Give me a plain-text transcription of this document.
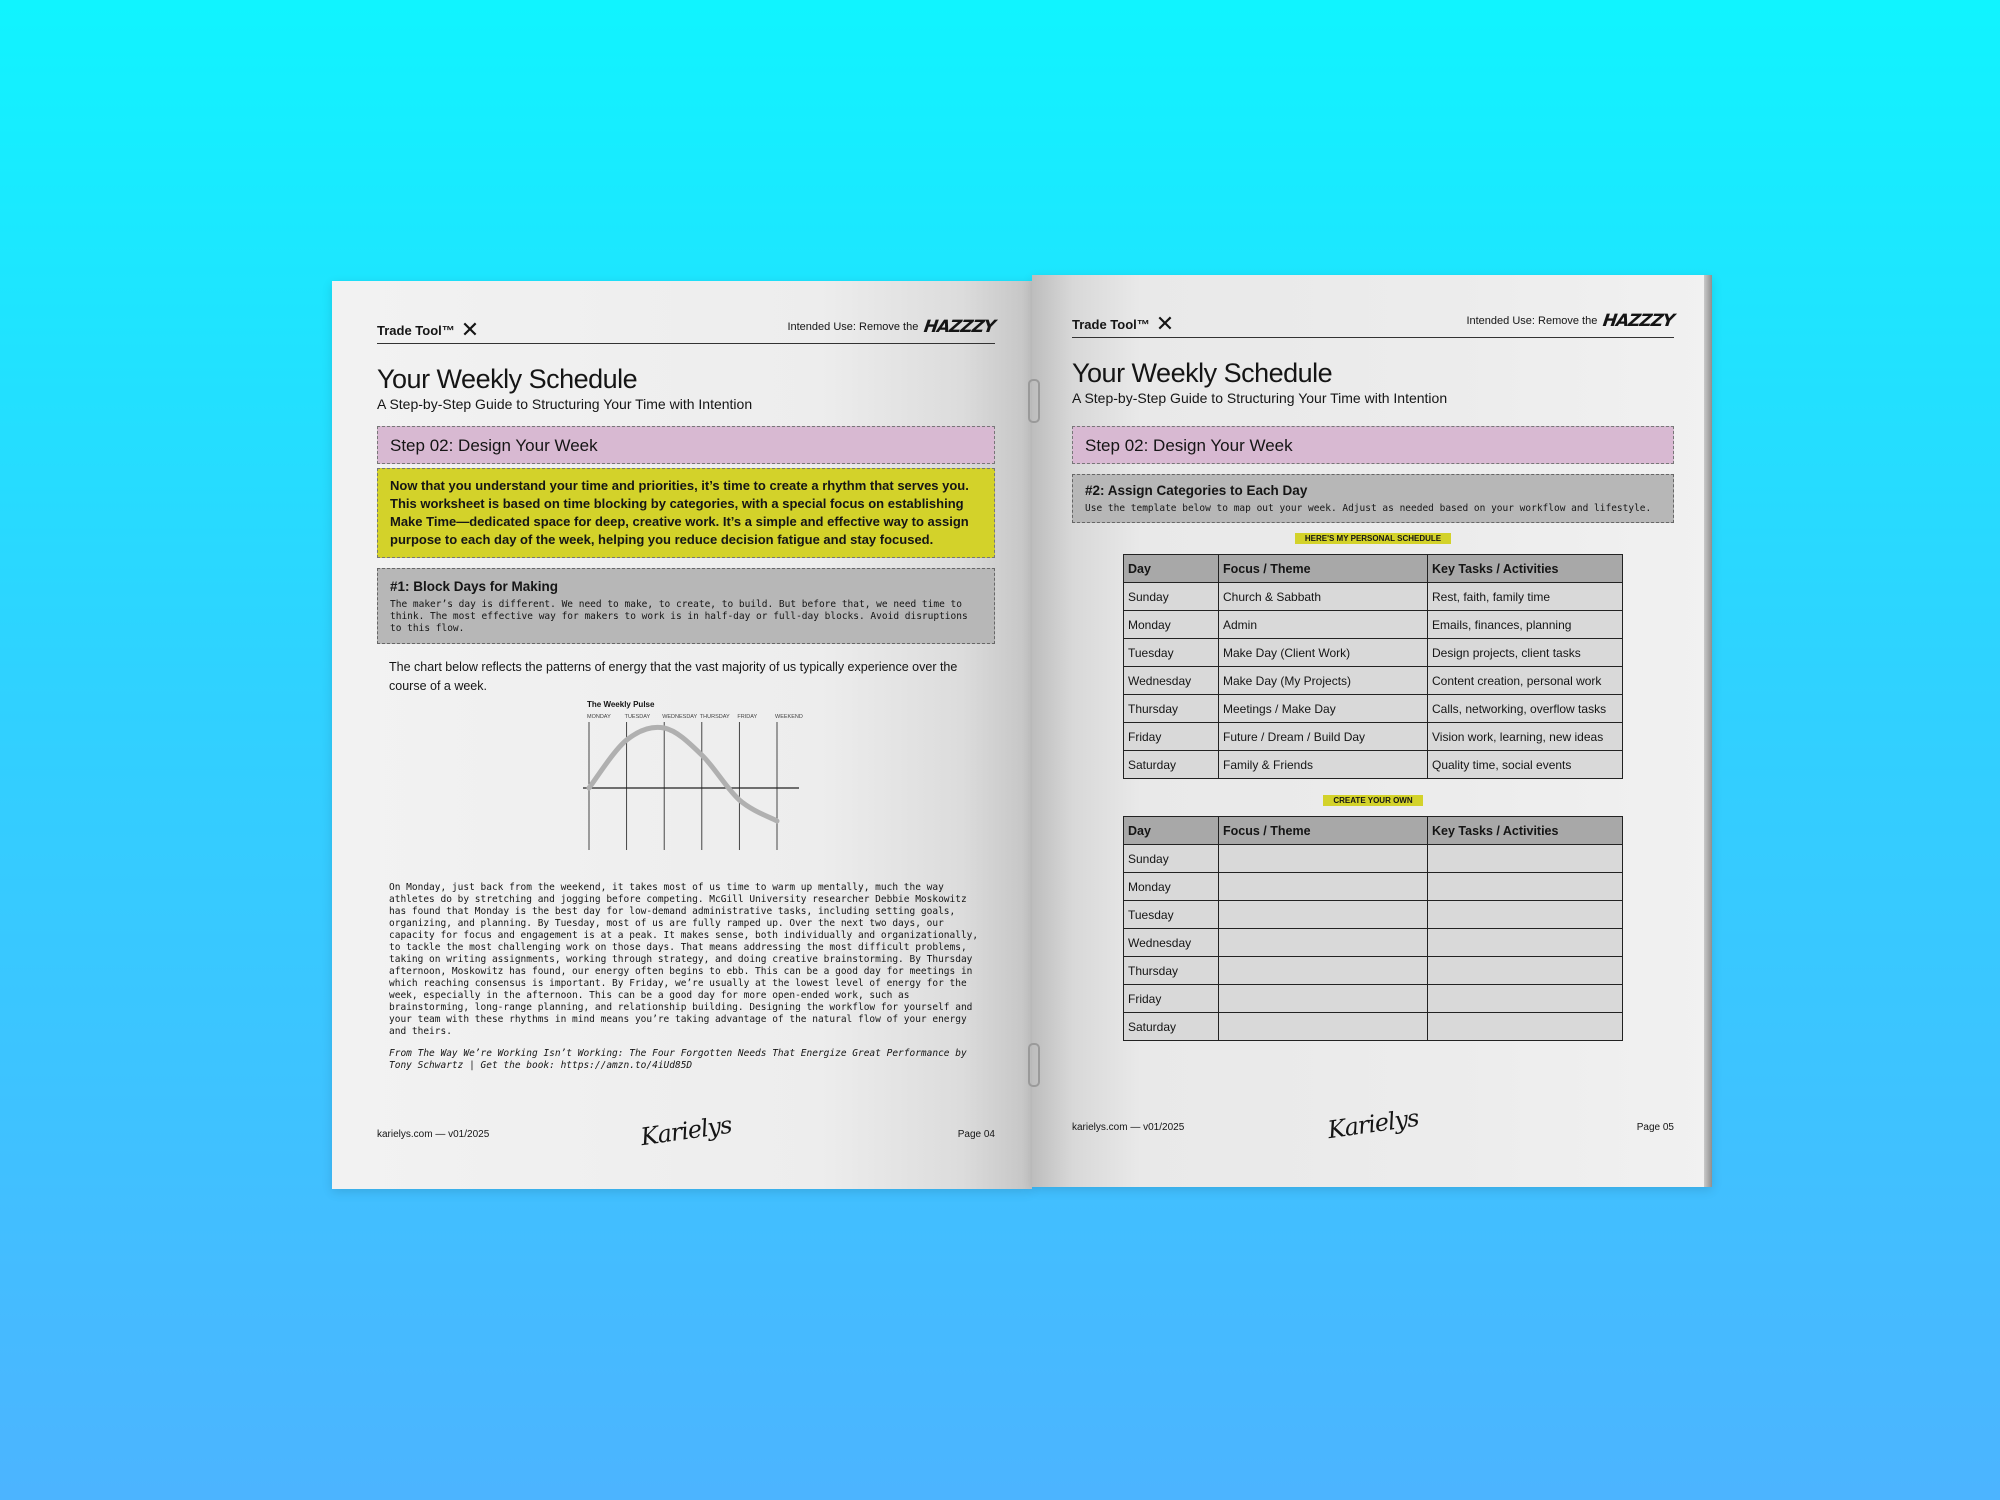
Trade Tool™ ✕	Intended Use: Remove the HAZZZY
Your Weekly Schedule
A Step-by-Step Guide to Structuring Your Time with Intention
Step 02: Design Your Week
Now that you understand your time and priorities, it’s time to create a rhythm that serves you. This worksheet is based on time blocking by categories, with a special focus on establishing Make Time—dedicated space for deep, creative work. It’s a simple and effective way to assign purpose to each day of the week, helping you reduce decision fatigue and stay focused.
#1: Block Days for Making
The maker’s day is different. We need to make, to create, to build. But before that, we need time to think. The most effective way for makers to work is in half-day or full-day blocks. Avoid disruptions to this flow.
The chart below reflects the patterns of energy that the vast majority of us typically experience over the course of a week.
The Weekly Pulse
MONDAY	TUESDAY WEDNESDAY THURSDAY FRIDAY	WEEKEND
On Monday, just back from the weekend, it takes most of us time to warm up mentally, much the way athletes do by stretching and jogging before competing. McGill University researcher Debbie Moskowitz has found that Monday is the best day for low-demand administrative tasks, including setting goals, organizing, and planning. By Tuesday, most of us are fully ramped up. Over the next two days, our capacity for focus and engagement is at a peak. It makes sense, both individually and organizationally, to tackle the most challenging work on those days. That means addressing the most difficult problems, taking on writing assignments, working through strategy, and doing creative brainstorming. By Thursday afternoon, Moskowitz has found, our energy often begins to ebb. This can be a good day for meetings in which reaching consensus is important. By Friday, we’re usually at the lowest level of energy for the week, especially in the afternoon. This can be a good day for more open-ended work, such as brainstorming, long-range planning, and relationship building. Designing the workflow for yourself and your team with these rhythms in mind means you’re taking advantage of the natural flow of your energy and theirs.
From The Way We’re Working Isn’t Working: The Four Forgotten Needs That Energize Great Performance by Tony Schwartz | Get the book: https://amzn.to/4iUd85D
karielys.com — v01/2025	Karielys	Page 04
Trade Tool™ ✕	Intended Use: Remove the HAZZZY
Your Weekly Schedule
A Step-by-Step Guide to Structuring Your Time with Intention
Step 02: Design Your Week
#2: Assign Categories to Each Day
Use the template below to map out your week. Adjust as needed based on your workflow and lifestyle.
HERE'S MY PERSONAL SCHEDULE
Day	Focus / Theme	Key Tasks / Activities
Sunday	Church & Sabbath	Rest, faith, family time
Monday	Admin	Emails, finances, planning
Tuesday	Make Day (Client Work)	Design projects, client tasks
Wednesday	Make Day (My Projects)	Content creation, personal work
Thursday	Meetings / Make Day	Calls, networking, overflow tasks
Friday	Future / Dream / Build Day	Vision work, learning, new ideas
Saturday	Family & Friends	Quality time, social events
CREATE YOUR OWN
Day	Focus / Theme	Key Tasks / Activities
Sunday		
Monday		
Tuesday		
Wednesday		
Thursday		
Friday		
Saturday		
karielys.com — v01/2025	Karielys	Page 05
